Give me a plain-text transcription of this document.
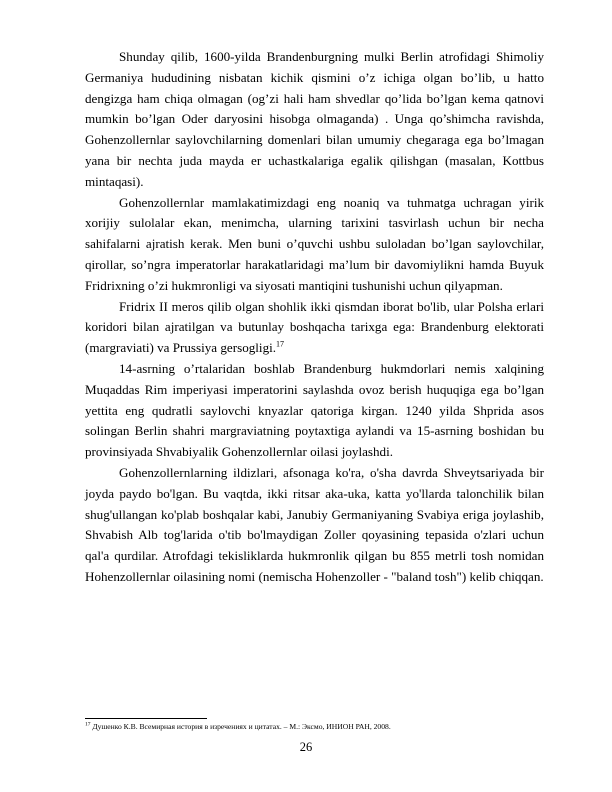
Shunday qilib, 1600-yilda Brandenburgning mulki Berlin atrofidagi Shimoliy Germaniya hududining nisbatan kichik qismini o’z ichiga olgan bo’lib, u hatto dengizga ham chiqa olmagan (og’zi hali ham shvedlar qo’lida bo’lgan kema qatnovi mumkin bo’lgan Oder daryosini hisobga olmaganda) . Unga qo’shimcha ravishda, Gohenzollernlar saylovchilarning domenlari bilan umumiy chegaraga ega bo’lmagan yana bir nechta juda mayda er uchastkalariga egalik qilishgan (masalan, Kottbus mintaqasi).

Gohenzollernlar mamlakatimizdagi eng noaniq va tuhmatga uchragan yirik xorijiy sulolalar ekan, menimcha, ularning tarixini tasvirlash uchun bir necha sahifalarni ajratish kerak. Men buni o’quvchi ushbu suloladan bo’lgan saylovchilar, qirollar, so’ngra imperatorlar harakatlaridagi ma’lum bir davomiylikni hamda Buyuk Fridrixning o’zi hukmronligi va siyosati mantiqini tushunishi uchun qilyapman.

Fridrix II meros qilib olgan shohlik ikki qismdan iborat bo'lib, ular Polsha erlari koridori bilan ajratilgan va butunlay boshqacha tarixga ega: Brandenburg elektorati (margraviati) va Prussiya gersogligi.$^{17}$

14-asrning o’rtalaridan boshlab Brandenburg hukmdorlari nemis xalqining Muqaddas Rim imperiyasi imperatorini saylashda ovoz berish huquqiga ega bo’lgan yettita eng qudratli saylovchi knyazlar qatoriga kirgan. 1240 yilda Shprida asos solingan Berlin shahri margraviatning poytaxtiga aylandi va 15-asrning boshidan bu provinsiyada Shvabiyalik Gohenzollernlar oilasi joylashdi.

Gohenzollernlarning ildizlari, afsonaga ko'ra, o'sha davrda Shveytsariyada bir joyda paydo bo'lgan. Bu vaqtda, ikki ritsar aka-uka, katta yo'llarda talonchilik bilan shug'ullangan ko'plab boshqalar kabi, Janubiy Germaniyaning Svabiya eriga joylashib, Shvabish Alb tog'larida o'tib bo'lmaydigan Zoller qoyasining tepasida o'zlari uchun qal'a qurdilar. Atrofdagi tekisliklarda hukmronlik qilgan bu 855 metrli tosh nomidan Hohenzollernlar oilasining nomi (nemischa Hohenzoller - "baland tosh") kelib chiqqan.

$^{17}$ Душенко К.В. Всемирная история в изречениях и цитатах. – М.: Эксмо, ИНИОН РАН, 2008.
26
